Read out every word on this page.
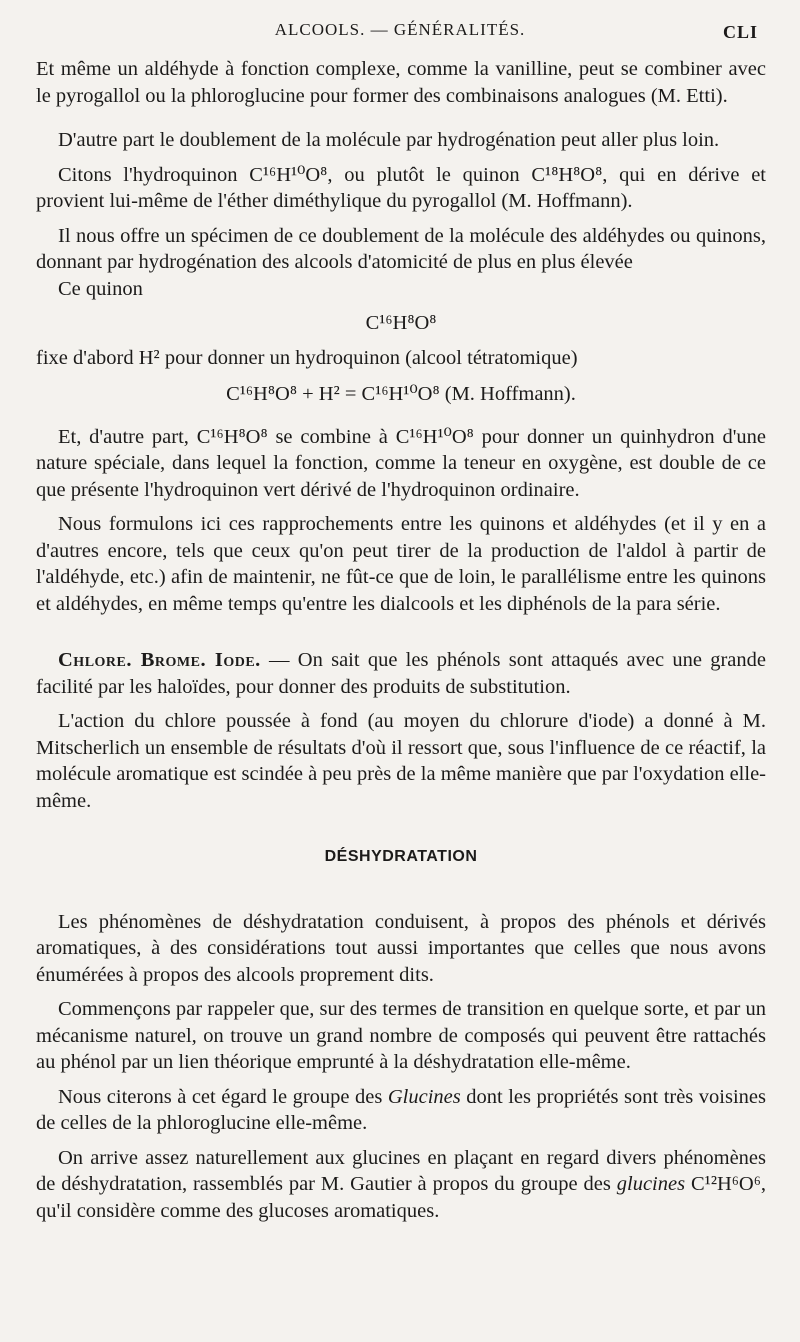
ALCOOLS. — GÉNÉRALITÉS.	CLI

Et même un aldéhyde à fonction complexe, comme la vanilline, peut se combiner avec le pyrogallol ou la phloroglucine pour former des combinaisons analogues (M. Etti).

D'autre part le doublement de la molécule par hydrogénation peut aller plus loin.

Citons l'hydroquinon C¹⁶H¹⁰O⁸, ou plutôt le quinon C¹⁸H⁸O⁸, qui en dérive et provient lui-même de l'éther diméthylique du pyrogallol (M. Hoffmann).

Il nous offre un spécimen de ce doublement de la molécule des aldéhydes ou quinons, donnant par hydrogénation des alcools d'atomicité de plus en plus élevée

Ce quinon

C¹⁶H⁸O⁸

fixe d'abord H² pour donner un hydroquinon (alcool tétratomique)

C¹⁶H⁸O⁸ + H² = C¹⁶H¹⁰O⁸ (M. Hoffmann).

Et, d'autre part, C¹⁶H⁸O⁸ se combine à C¹⁶H¹⁰O⁸ pour donner un quinhydron d'une nature spéciale, dans lequel la fonction, comme la teneur en oxygène, est double de ce que présente l'hydroquinon vert dérivé de l'hydroquinon ordinaire.

Nous formulons ici ces rapprochements entre les quinons et aldéhydes (et il y en a d'autres encore, tels que ceux qu'on peut tirer de la production de l'aldol à partir de l'aldéhyde, etc.) afin de maintenir, ne fût-ce que de loin, le parallélisme entre les quinons et aldéhydes, en même temps qu'entre les dialcools et les diphénols de la para série.

Chlore. Brome. Iode. — On sait que les phénols sont attaqués avec une grande facilité par les haloïdes, pour donner des produits de substitution.

L'action du chlore poussée à fond (au moyen du chlorure d'iode) a donné à M. Mitscherlich un ensemble de résultats d'où il ressort que, sous l'influence de ce réactif, la molécule aromatique est scindée à peu près de la même manière que par l'oxydation elle-même.

DÉSHYDRATATION

Les phénomènes de déshydratation conduisent, à propos des phénols et dérivés aromatiques, à des considérations tout aussi importantes que celles que nous avons énumérées à propos des alcools proprement dits.

Commençons par rappeler que, sur des termes de transition en quelque sorte, et par un mécanisme naturel, on trouve un grand nombre de composés qui peuvent être rattachés au phénol par un lien théorique emprunté à la déshydratation elle-même.

Nous citerons à cet égard le groupe des Glucines dont les propriétés sont très voisines de celles de la phloroglucine elle-même.

On arrive assez naturellement aux glucines en plaçant en regard divers phénomènes de déshydratation, rassemblés par M. Gautier à propos du groupe des glucines C¹²H⁶O⁶, qu'il considère comme des glucoses aromatiques.
